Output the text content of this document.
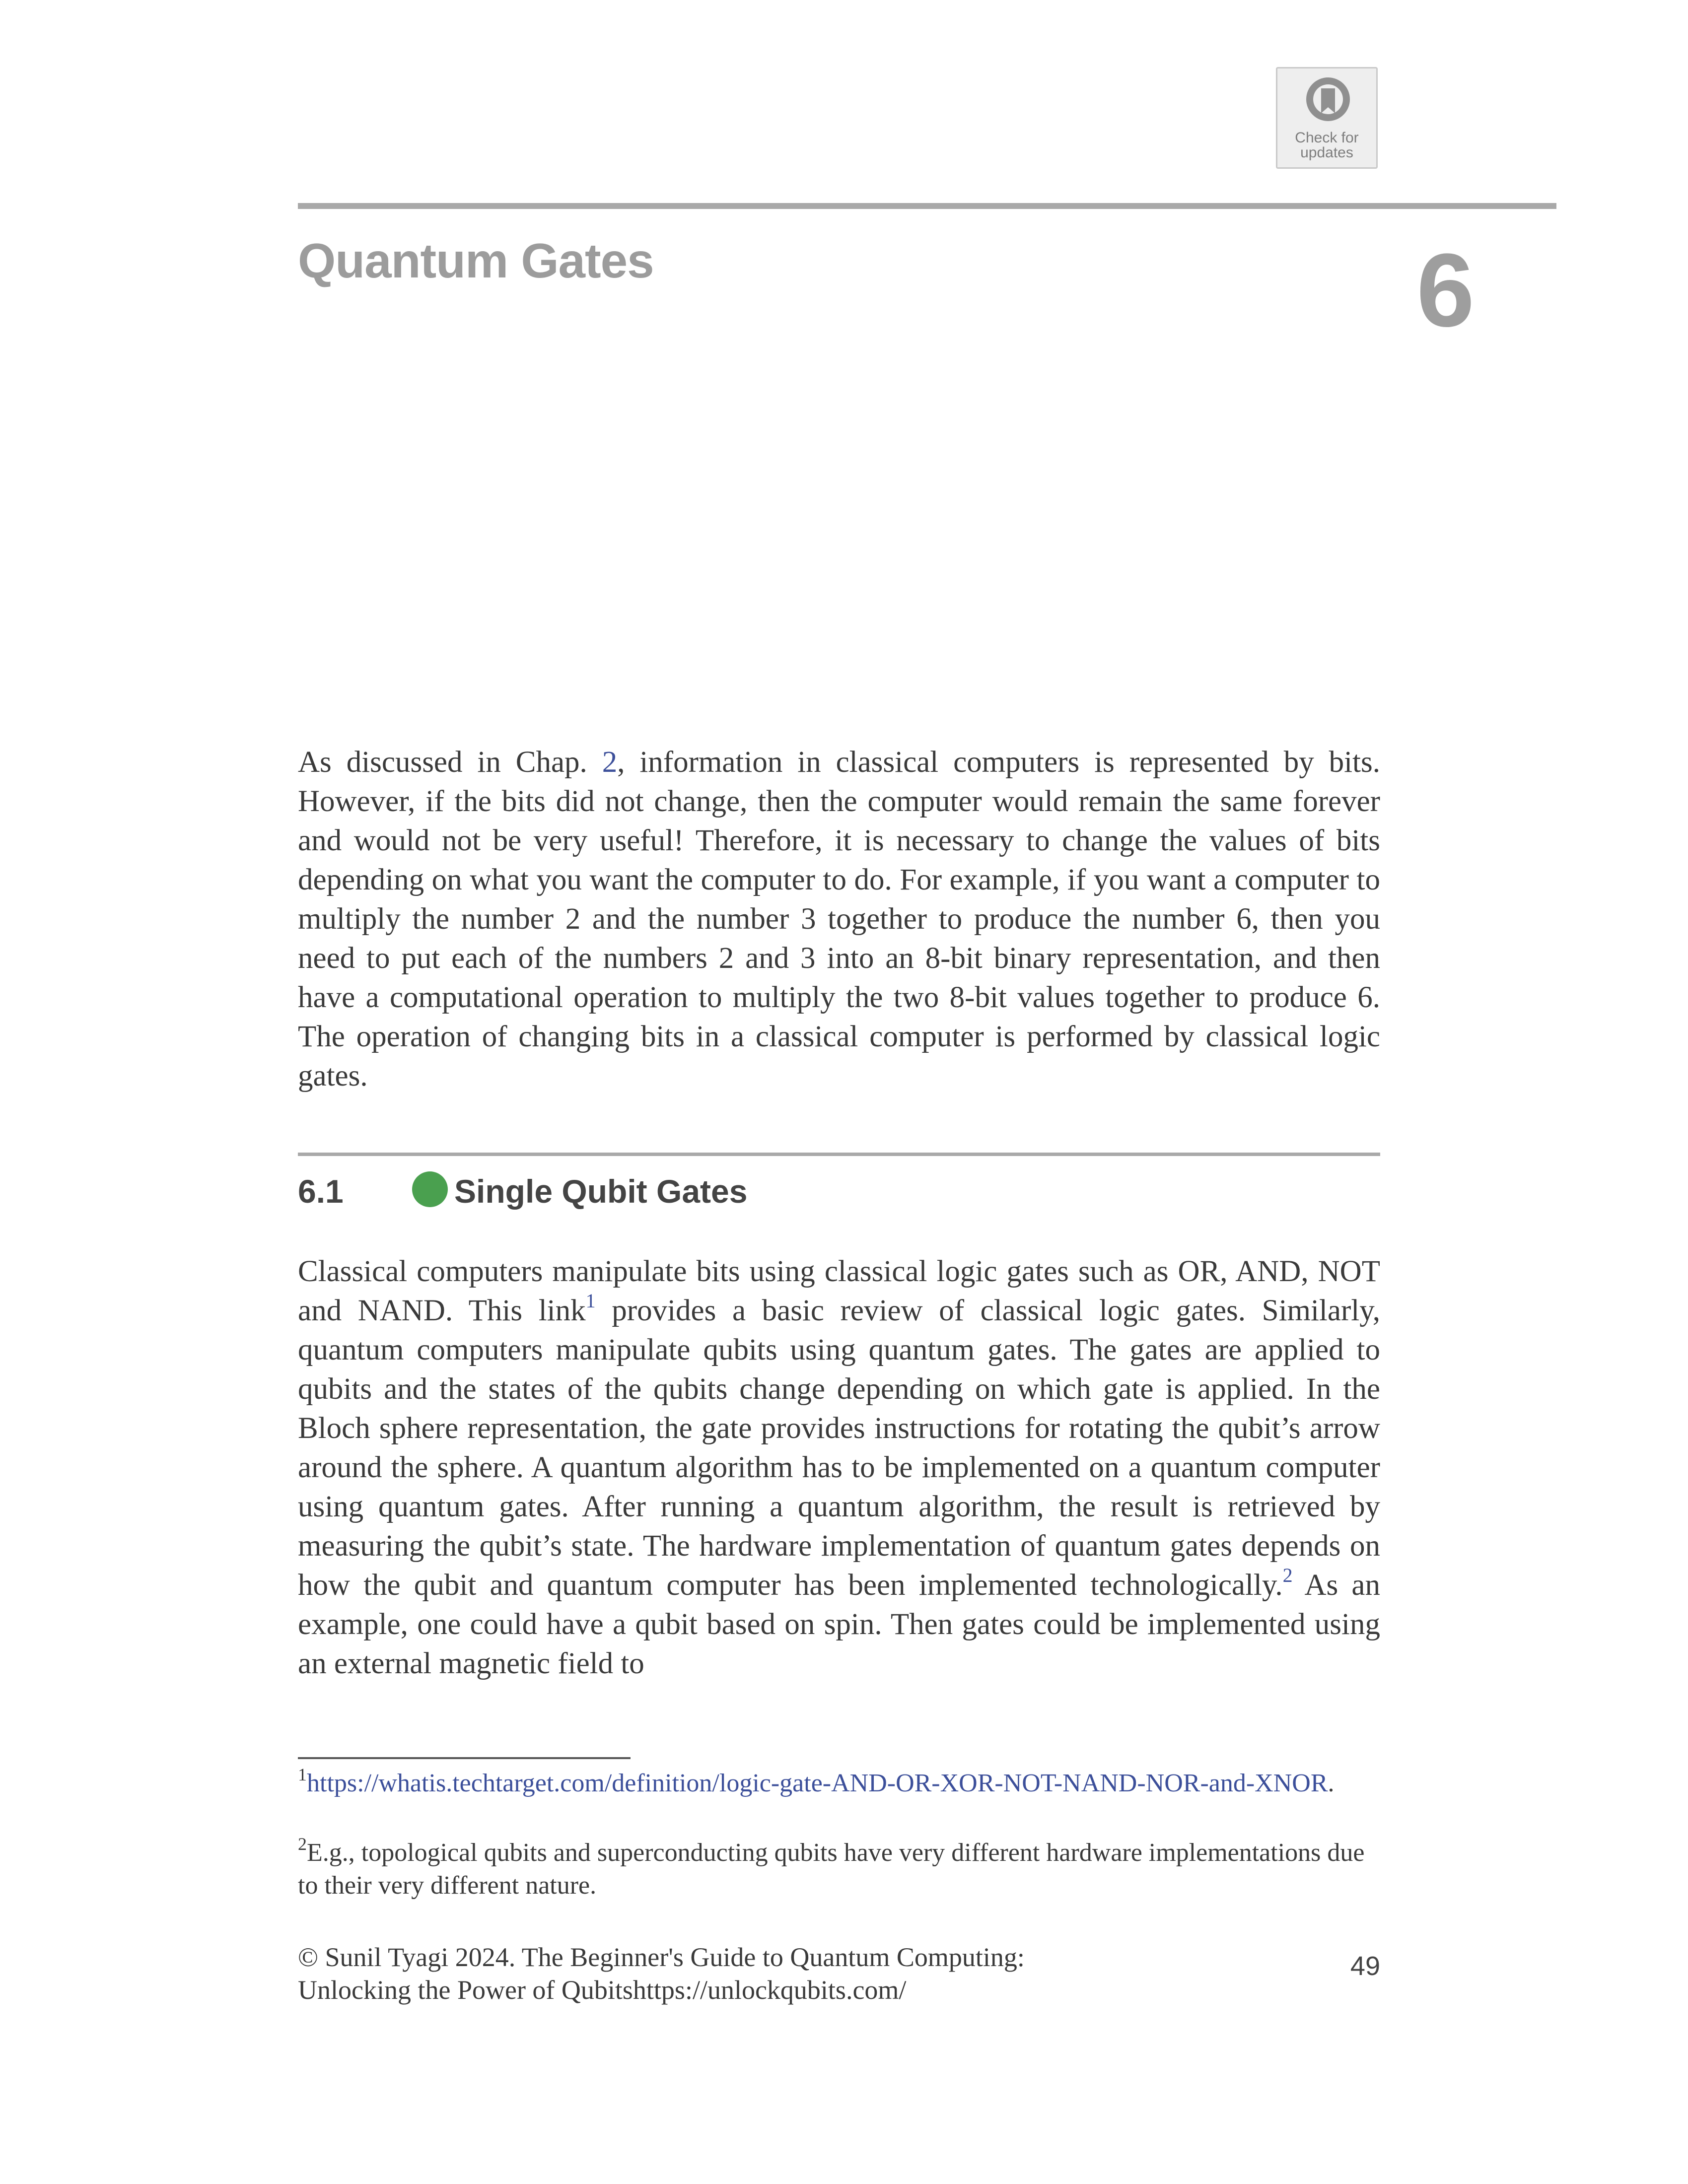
Check for
updates
Quantum Gates	6
As discussed in Chap. 2, information in classical computers is represented by bits. However, if the bits did not change, then the computer would remain the same forever and would not be very useful! Therefore, it is necessary to change the values of bits depending on what you want the computer to do. For example, if you want a computer to multiply the number 2 and the number 3 together to produce the number 6, then you need to put each of the numbers 2 and 3 into an 8-bit binary representation, and then have a computational operation to multiply the two 8-bit values together to produce 6. The operation of changing bits in a classical computer is performed by classical logic gates.
6.1	Single Qubit Gates
Classical computers manipulate bits using classical logic gates such as OR, AND, NOT and NAND. This link$^1$ provides a basic review of classical logic gates. Similarly, quantum computers manipulate qubits using quantum gates. The gates are applied to qubits and the states of the qubits change depending on which gate is applied. In the Bloch sphere representation, the gate provides instructions for rotating the qubit’s arrow around the sphere. A quantum algorithm has to be implemented on a quantum computer using quantum gates. After running a quantum algorithm, the result is retrieved by measuring the qubit’s state. The hardware implementation of quantum gates depends on how the qubit and quantum computer has been implemented technologically.$^2$ As an example, one could have a qubit based on spin. Then gates could be implemented using an external magnetic field to
$^1$https://whatis.techtarget.com/definition/logic-gate-AND-OR-XOR-NOT-NAND-NOR-and-XNOR.
$^2$E.g., topological qubits and superconducting qubits have very different hardware implementations due to their very different nature.
© Sunil Tyagi 2024. The Beginner's Guide to Quantum Computing:
Unlocking the Power of Qubitshttps://unlockqubits.com/
49
